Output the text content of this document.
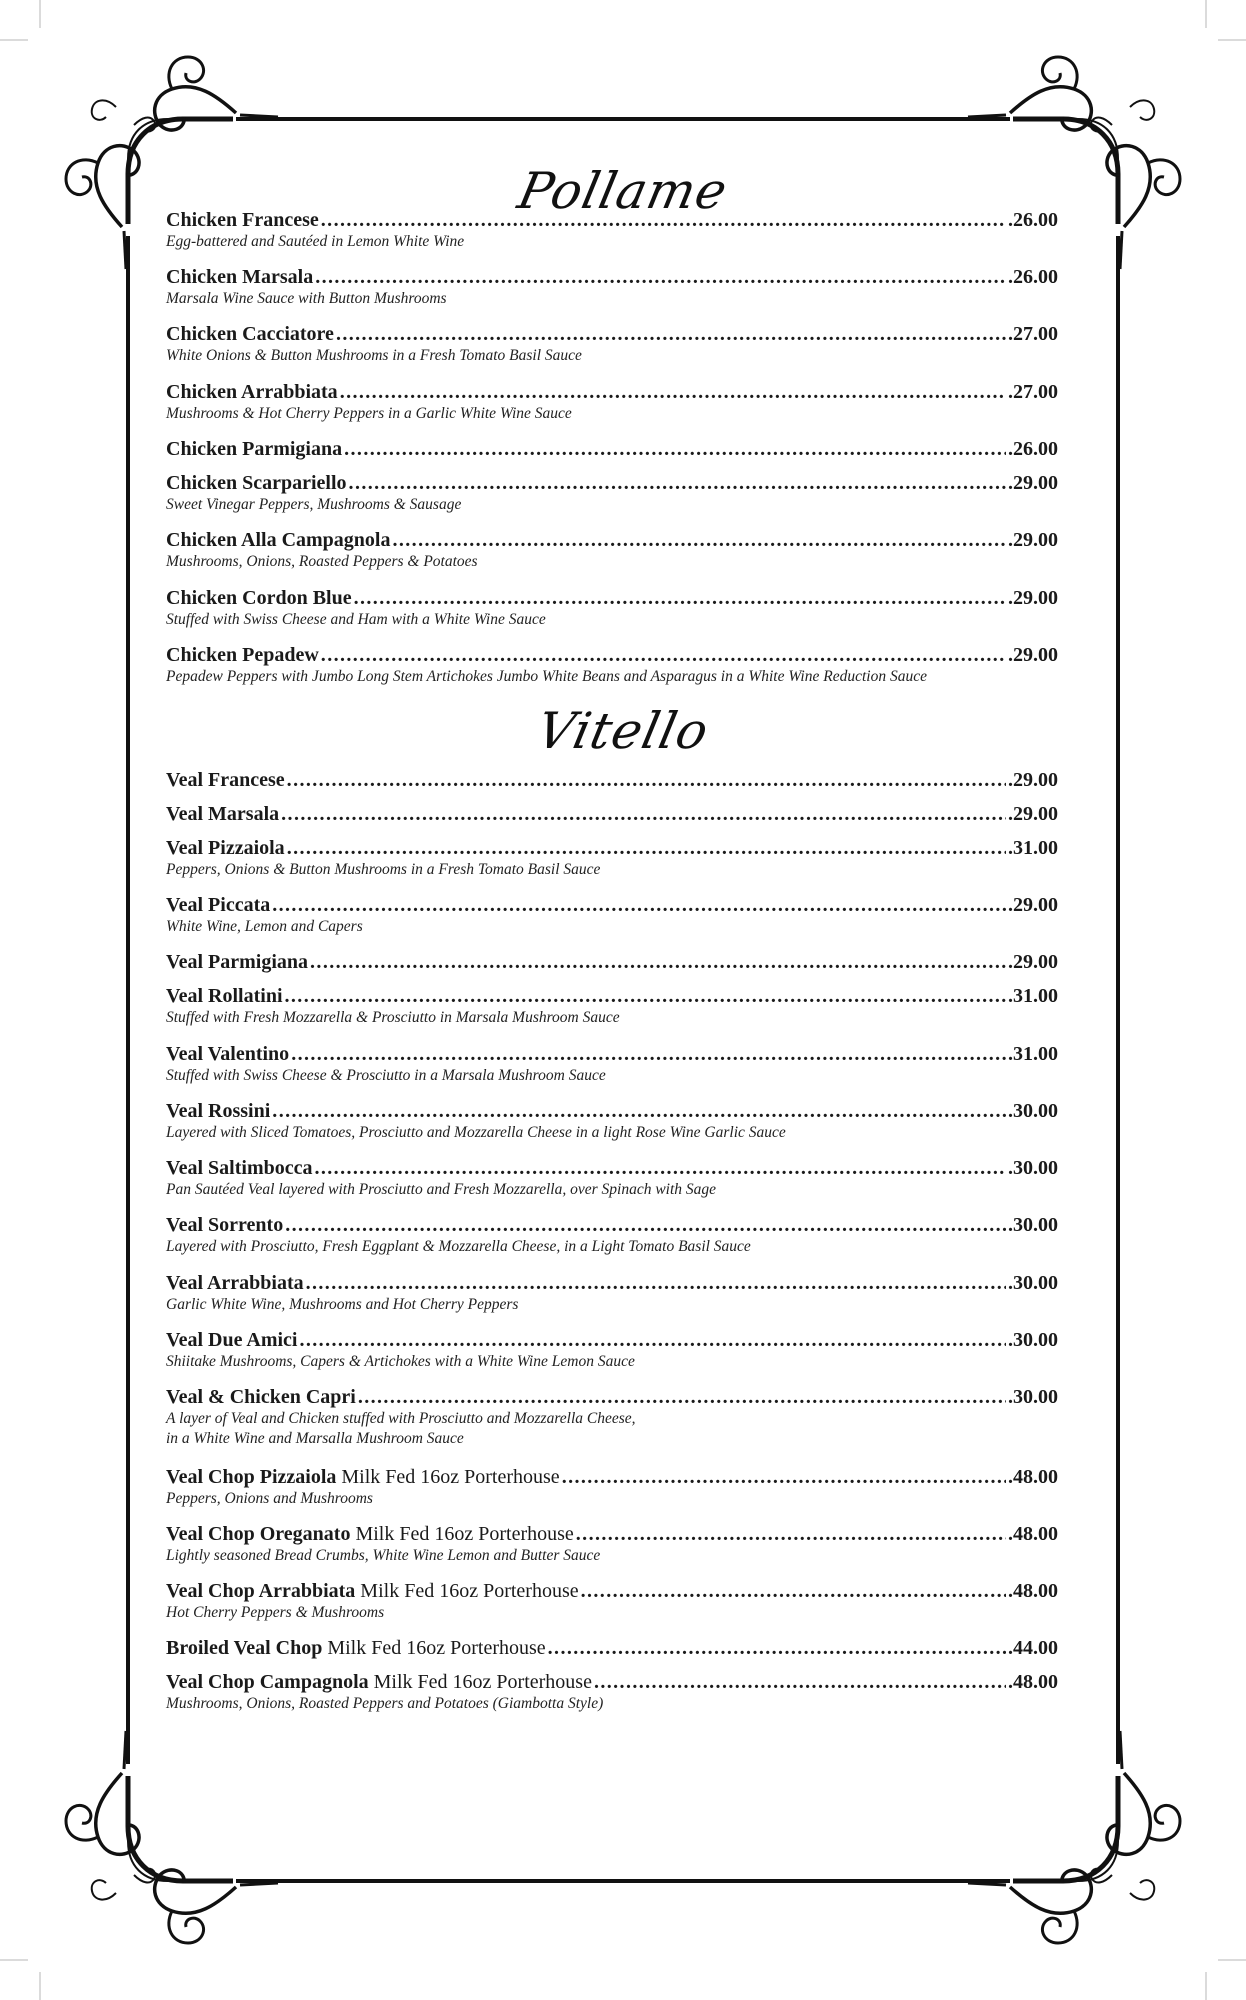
Pollame
Chicken Francese .....	.26.00
Egg-battered and Sautéed in Lemon White Wine
Chicken Marsala .....	.26.00
Marsala Wine Sauce with Button Mushrooms
Chicken Cacciatore .....	.27.00
White Onions & Button Mushrooms in a Fresh Tomato Basil Sauce
Chicken Arrabbiata .....	.27.00
Mushrooms & Hot Cherry Peppers in a Garlic White Wine Sauce
Chicken Parmigiana .....	.26.00
Chicken Scarpariello .....	.29.00
Sweet Vinegar Peppers, Mushrooms & Sausage
Chicken Alla Campagnola .....	.29.00
Mushrooms, Onions, Roasted Peppers & Potatoes
Chicken Cordon Blue .....	.29.00
Stuffed with Swiss Cheese and Ham with a White Wine Sauce
Chicken Pepadew .....	.29.00
Pepadew Peppers with Jumbo Long Stem Artichokes Jumbo White Beans and Asparagus in a White Wine Reduction Sauce
Vitello
Veal Francese .....	.29.00
Veal Marsala .....	.29.00
Veal Pizzaiola .....	.31.00
Peppers, Onions & Button Mushrooms in a Fresh Tomato Basil Sauce
Veal Piccata .....	.29.00
White Wine, Lemon and Capers
Veal Parmigiana .....	.29.00
Veal Rollatini .....	.31.00
Stuffed with Fresh Mozzarella & Prosciutto in Marsala Mushroom Sauce
Veal Valentino .....	.31.00
Stuffed with Swiss Cheese & Prosciutto in a Marsala Mushroom Sauce
Veal Rossini .....	.30.00
Layered with Sliced Tomatoes, Prosciutto and Mozzarella Cheese in a light Rose Wine Garlic Sauce
Veal Saltimbocca .....	.30.00
Pan Sautéed Veal layered with Prosciutto and Fresh Mozzarella, over Spinach with Sage
Veal Sorrento .....	.30.00
Layered with Prosciutto, Fresh Eggplant & Mozzarella Cheese, in a Light Tomato Basil Sauce
Veal Arrabbiata .....	.30.00
Garlic White Wine, Mushrooms and Hot Cherry Peppers
Veal Due Amici .....	.30.00
Shiitake Mushrooms, Capers & Artichokes with a White Wine Lemon Sauce
Veal & Chicken Capri .....	.30.00
A layer of Veal and Chicken stuffed with Prosciutto and Mozzarella Cheese,
in a White Wine and Marsalla Mushroom Sauce
Veal Chop Pizzaiola
Milk Fed 16oz Porterhouse .....	.48.00
Peppers, Onions and Mushrooms
Veal Chop Oreganato
Milk Fed 16oz Porterhouse .....	.48.00
Lightly seasoned Bread Crumbs, White Wine Lemon and Butter Sauce
Veal Chop Arrabbiata
Milk Fed 16oz Porterhouse .....	.48.00
Hot Cherry Peppers & Mushrooms
Broiled Veal Chop
Milk Fed 16oz Porterhouse .....	.44.00
Veal Chop Campagnola
Milk Fed 16oz Porterhouse .....	.48.00
Mushrooms, Onions, Roasted Peppers and Potatoes (Giambotta Style)
